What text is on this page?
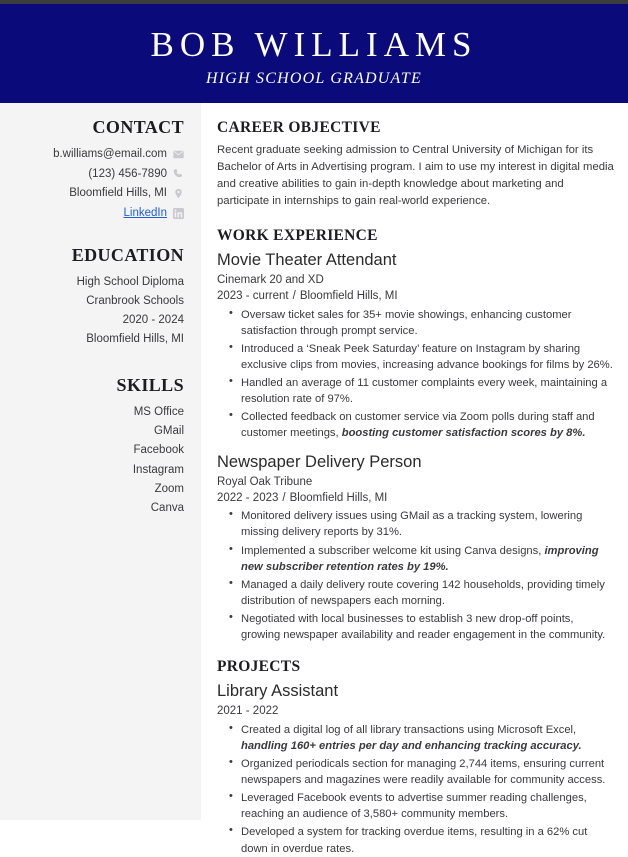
BOB WILLIAMS
HIGH SCHOOL GRADUATE
CONTACT
b.williams@email.com
(123) 456-7890
Bloomfield Hills, MI
LinkedIn
EDUCATION
High School Diploma
Cranbrook Schools
2020 - 2024
Bloomfield Hills, MI
SKILLS
MS Office
GMail
Facebook
Instagram
Zoom
Canva
CAREER OBJECTIVE

Recent graduate seeking admission to Central University of Michigan for its Bachelor of Arts in Advertising program. I aim to use my interest in digital media and creative abilities to gain in-depth knowledge about marketing and participate in internships to gain real-world experience.

WORK EXPERIENCE
Movie Theater Attendant
Cinemark 20 and XD
2023 - current / Bloomfield Hills, MI
• Oversaw ticket sales for 35+ movie showings, enhancing customer satisfaction through prompt service.
• Introduced a ‘Sneak Peek Saturday’ feature on Instagram by sharing exclusive clips from movies, increasing advance bookings for films by 26%.
• Handled an average of 11 customer complaints every week, maintaining a resolution rate of 97%.
• Collected feedback on customer service via Zoom polls during staff and customer meetings, boosting customer satisfaction scores by 8%.
Newspaper Delivery Person
Royal Oak Tribune
2022 - 2023 / Bloomfield Hills, MI
• Monitored delivery issues using GMail as a tracking system, lowering missing delivery reports by 31%.
• Implemented a subscriber welcome kit using Canva designs, improving new subscriber retention rates by 19%.
• Managed a daily delivery route covering 142 households, providing timely distribution of newspapers each morning.
• Negotiated with local businesses to establish 3 new drop-off points, growing newspaper availability and reader engagement in the community.
PROJECTS
Library Assistant
2021 - 2022
• Created a digital log of all library transactions using Microsoft Excel, handling 160+ entries per day and enhancing tracking accuracy.
• Organized periodicals section for managing 2,744 items, ensuring current newspapers and magazines were readily available for community access.
• Leveraged Facebook events to advertise summer reading challenges, reaching an audience of 3,580+ community members.
• Developed a system for tracking overdue items, resulting in a 62% cut down in overdue rates.
